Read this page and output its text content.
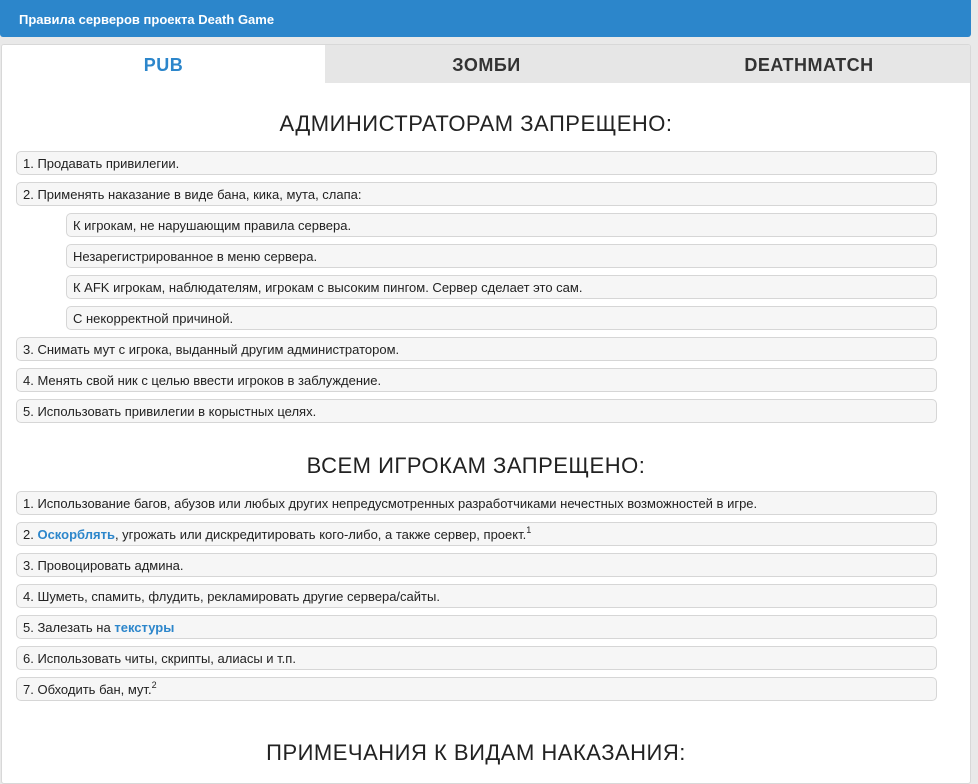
Правила серверов проекта Death Game
PUB	ЗОМБИ	DEATHMATCH
АДМИНИСТРАТОРАМ ЗАПРЕЩЕНО:
1. Продавать привилегии.
2. Применять наказание в виде бана, кика, мута, слапа:
К игрокам, не нарушающим правила сервера.
Незарегистрированное в меню сервера.
К AFK игрокам, наблюдателям, игрокам с высоким пингом. Сервер сделает это сам.
С некорректной причиной.
3. Снимать мут с игрока, выданный другим администратором.
4. Менять свой ник с целью ввести игроков в заблуждение.
5. Использовать привилегии в корыстных целях.
ВСЕМ ИГРОКАМ ЗАПРЕЩЕНО:
1. Использование багов, абузов или любых других непредусмотренных разработчиками нечестных возможностей в игре.
2. Оскорблять, угрожать или дискредитировать кого-либо, а также сервер, проект.$^1$
3. Провоцировать админа.
4. Шуметь, спамить, флудить, рекламировать другие сервера/сайты.
5. Залезать на текстуры
6. Использовать читы, скрипты, алиасы и т.п.
7. Обходить бан, мут.$^2$
ПРИМЕЧАНИЯ К ВИДАМ НАКАЗАНИЯ:
